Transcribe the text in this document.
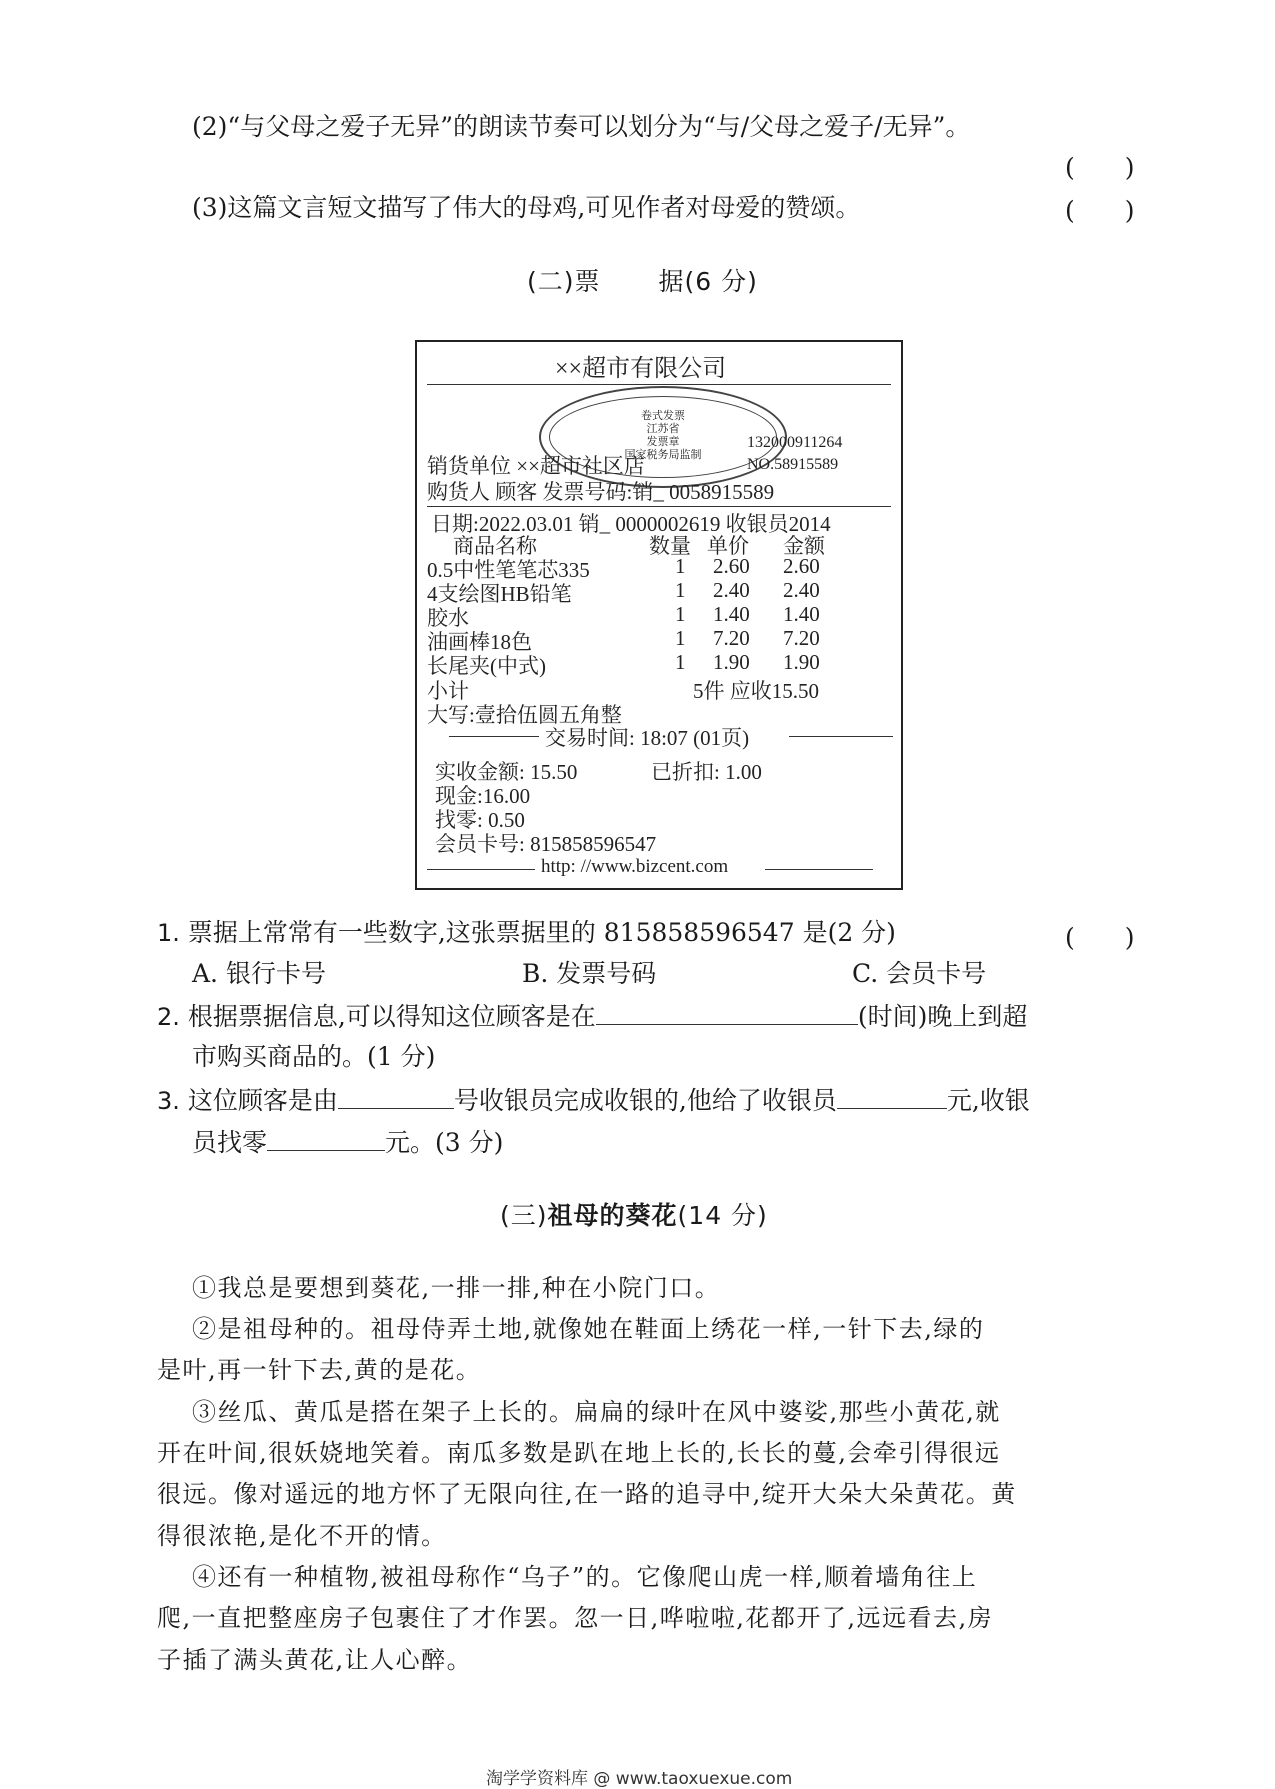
(2)“与父母之爱子无异”的朗读节奏可以划分为“与/父母之爱子/无异”。
(　　)
(3)这篇文言短文描写了伟大的母鸡,可见作者对母爱的赞颂。	(　　)
(二)票 据(6 分)
××超市有限公司
卷式发票
江苏省
发票章
国家税务局监制
132000911264
NO.58915589
销货单位 ××超市社区店
购货人 顾客 发票号码:销_ 0058915589
日期:2022.03.01 销_ 0000002619 收银员2014
商品名称	数量 单价 金额
0.5中性笔笔芯335	1 2.60 2.60
4支绘图HB铅笔	1 2.40 2.40
胶水	1 1.40 1.40
油画棒18色	1 7.20 7.20
长尾夹(中式)	1 1.90 1.90
小计	5件 应收15.50
大写:壹拾伍圆五角整
交易时间: 18:07 (01页)
实收金额: 15.50	已折扣: 1.00
现金:16.00
找零: 0.50
会员卡号: 815858596547
http: //www.bizcent.com
1. 票据上常常有一些数字,这张票据里的 815858596547 是(2 分)	(　　)
A. 银行卡号	B. 发票号码	C. 会员卡号
2. 根据票据信息,可以得知这位顾客是在	(时间)晚上到超
市购买商品的。(1 分)
3. 这位顾客是由	号收银员完成收银的,他给了收银员	元,收银
员找零	元。(3 分)
(三)祖母的葵花(14 分)
①我总是要想到葵花,一排一排,种在小院门口。
②是祖母种的。祖母侍弄土地,就像她在鞋面上绣花一样,一针下去,绿的
是叶,再一针下去,黄的是花。
③丝瓜、黄瓜是搭在架子上长的。扁扁的绿叶在风中婆娑,那些小黄花,就
开在叶间,很妖娆地笑着。南瓜多数是趴在地上长的,长长的蔓,会牵引得很远
很远。像对遥远的地方怀了无限向往,在一路的追寻中,绽开大朵大朵黄花。黄
得很浓艳,是化不开的情。
④还有一种植物,被祖母称作“乌子”的。它像爬山虎一样,顺着墙角往上
爬,一直把整座房子包裹住了才作罢。忽一日,哗啦啦,花都开了,远远看去,房
子插了满头黄花,让人心醉。
淘学学资料库 @ www.taoxuexue.com
